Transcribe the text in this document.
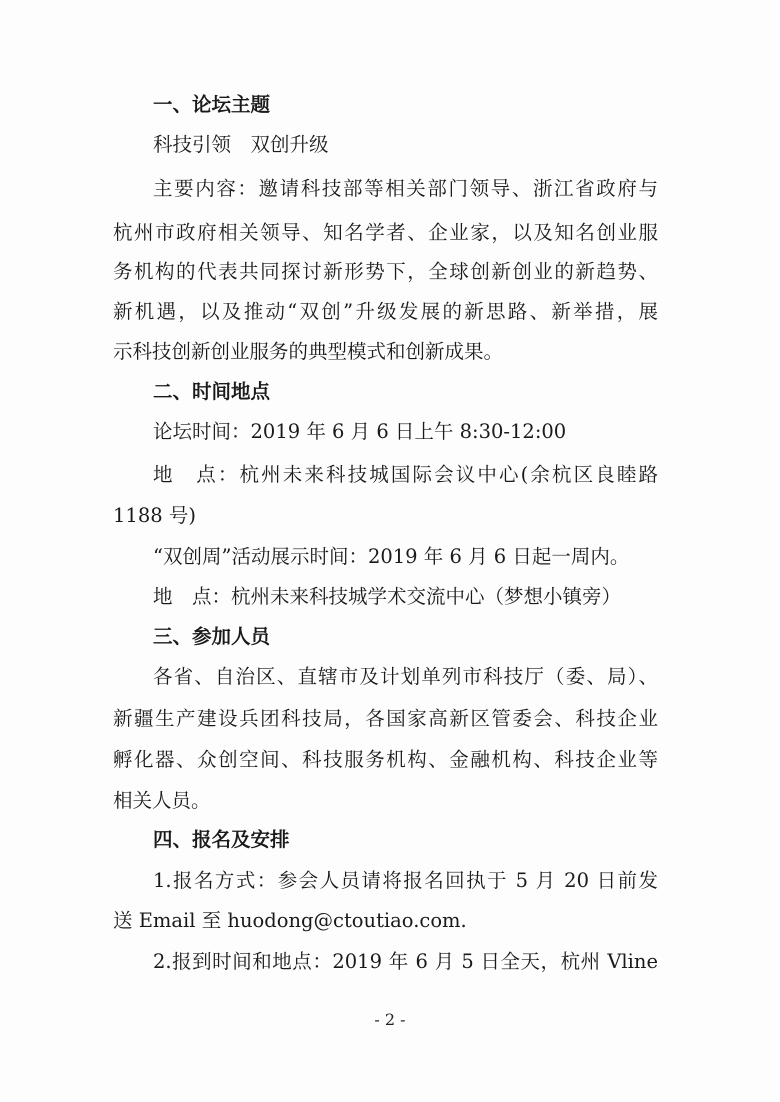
一、论坛主题
科技引领　双创升级
主要内容：邀请科技部等相关部门领导、浙江省政府与
杭州市政府相关领导、知名学者、企业家，以及知名创业服
务机构的代表共同探讨新形势下，全球创新创业的新趋势、
新机遇，以及推动“双创”升级发展的新思路、新举措，展
示科技创新创业服务的典型模式和创新成果。
二、时间地点
论坛时间：2019 年 6 月 6 日上午 8:30-12:00
地　点：杭州未来科技城国际会议中心(余杭区良睦路
1188 号)
“双创周”活动展示时间：2019 年 6 月 6 日起一周内。
地　点：杭州未来科技城学术交流中心（梦想小镇旁）
三、参加人员
各省、自治区、直辖市及计划单列市科技厅（委、局）、
新疆生产建设兵团科技局，各国家高新区管委会、科技企业
孵化器、众创空间、科技服务机构、金融机构、科技企业等
相关人员。
四、报名及安排
1.报名方式：参会人员请将报名回执于 5 月 20 日前发
送 Email 至 huodong@ctoutiao.com.
2.报到时间和地点：2019 年 6 月 5 日全天，杭州 Vline
- 2 -
